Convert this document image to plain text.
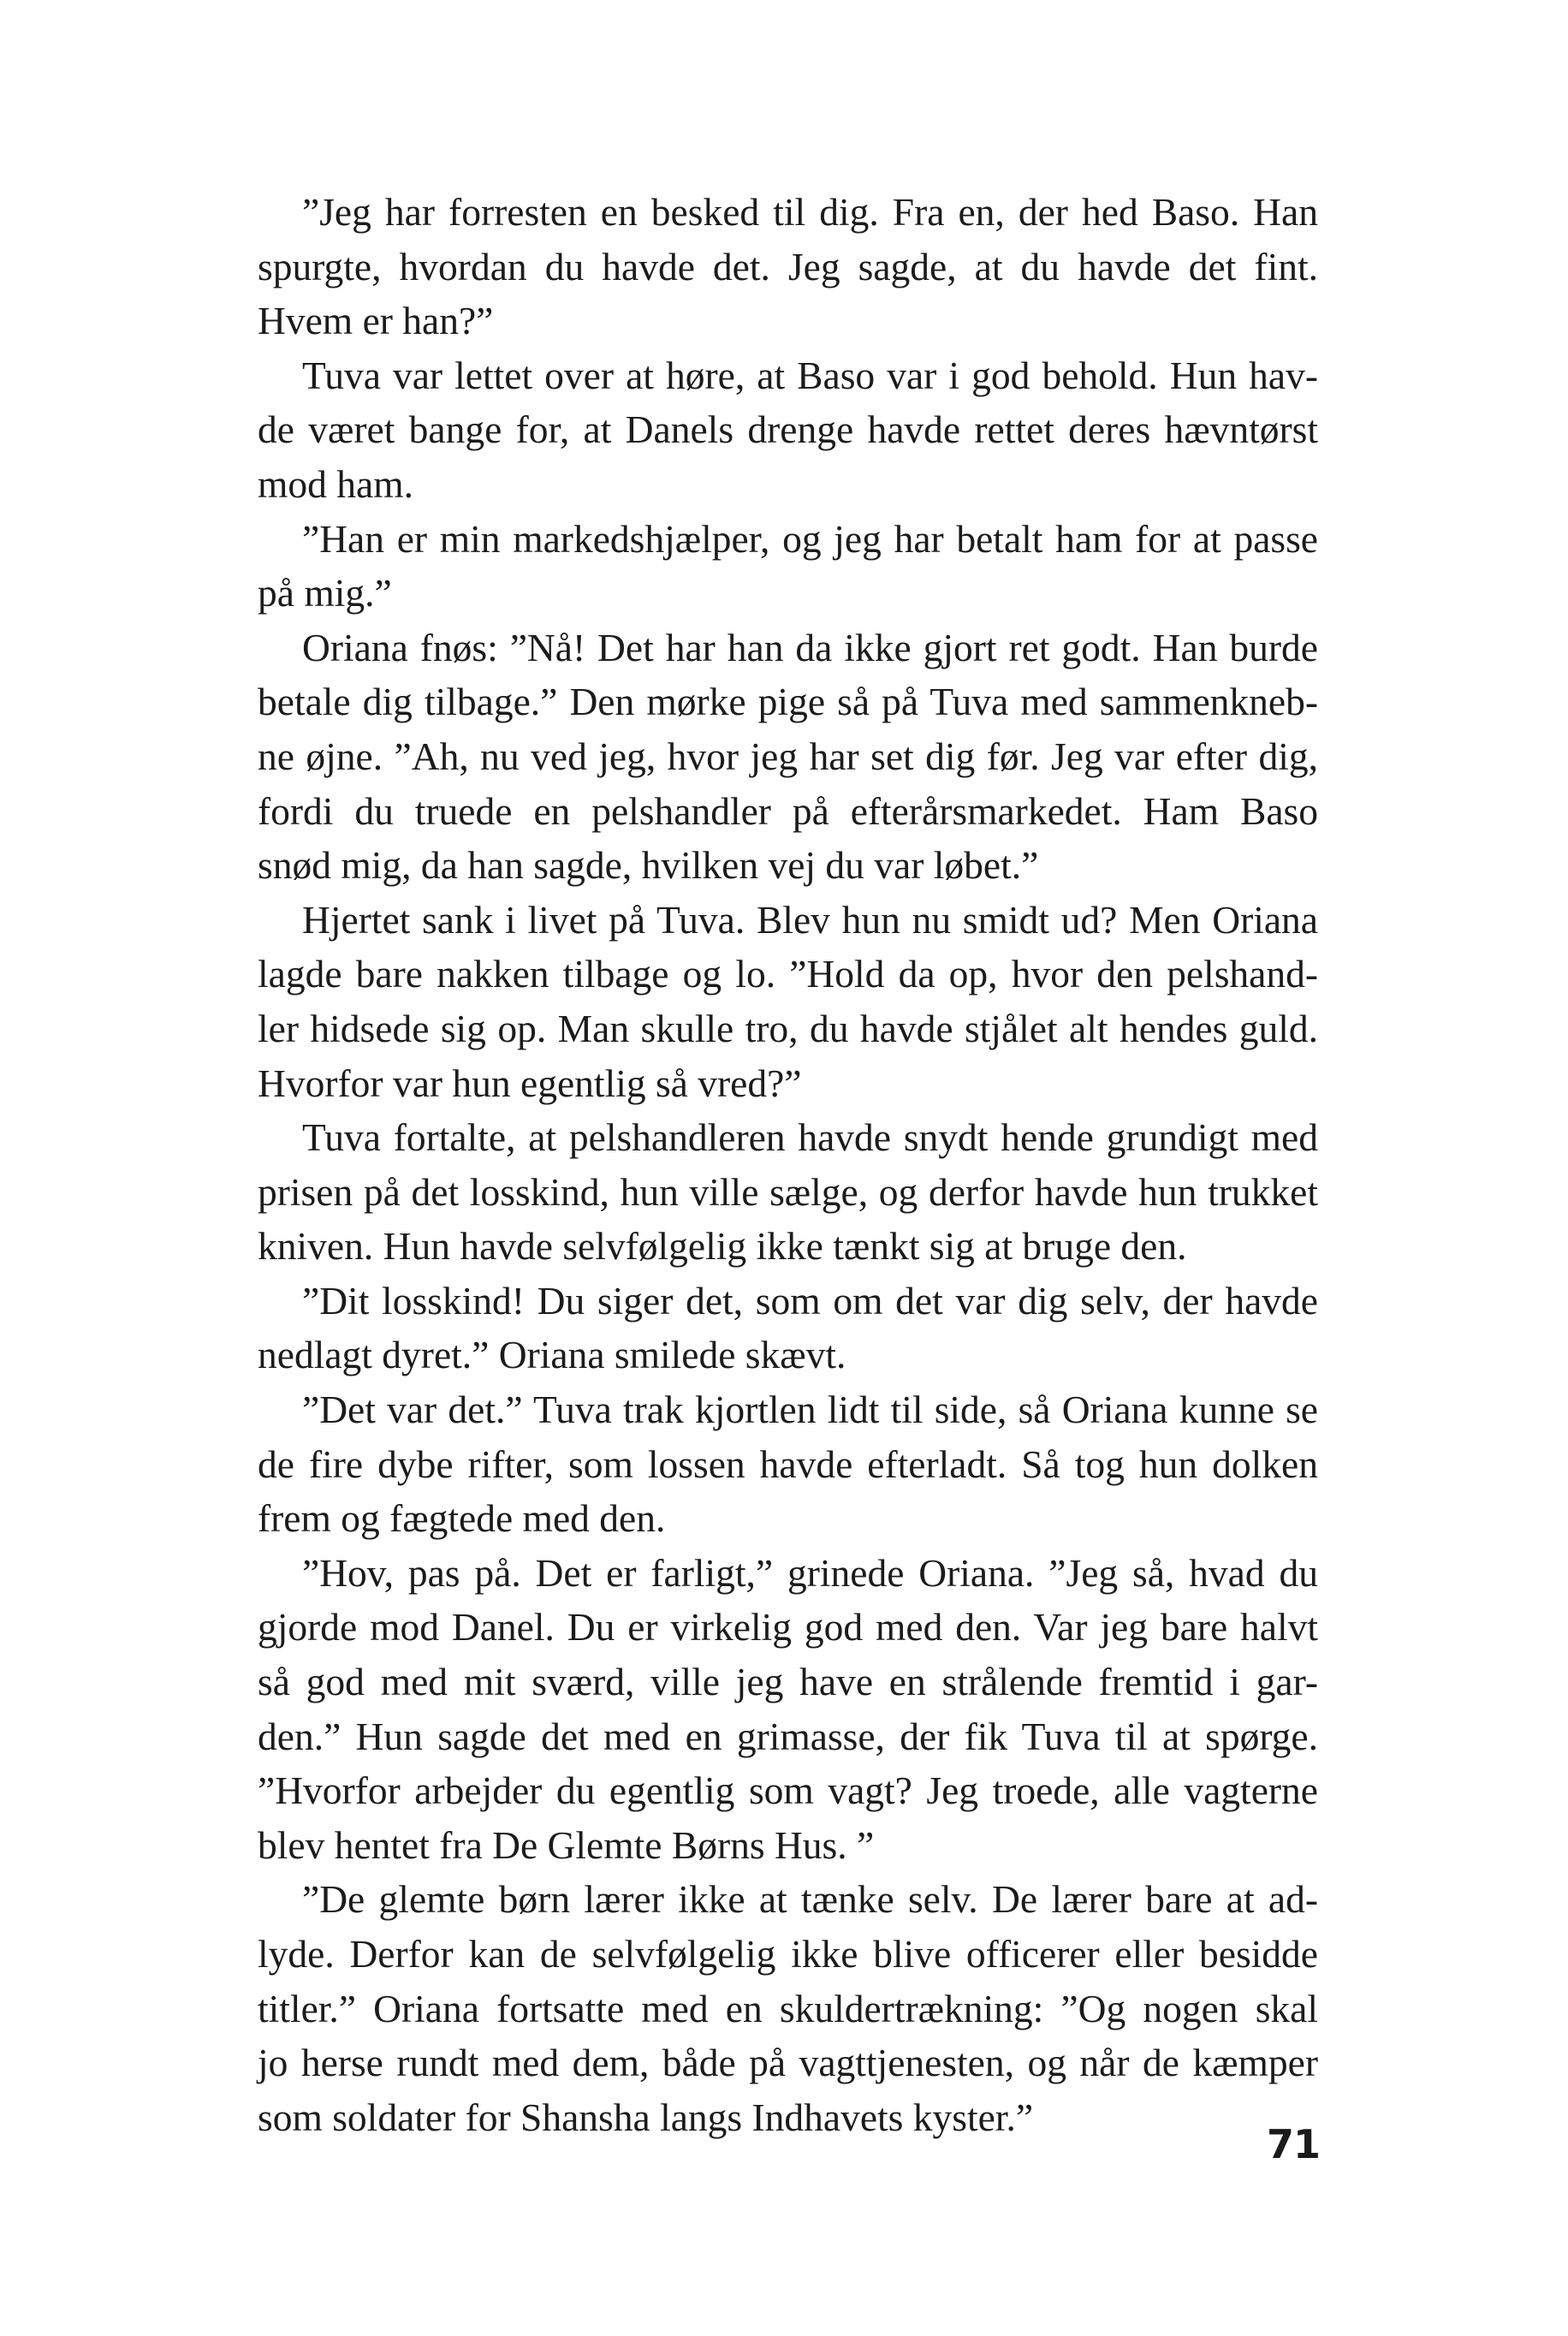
”Jeg har forresten en besked til dig. Fra en, der hed Baso. Han
spurgte, hvordan du havde det. Jeg sagde, at du havde det fint.
Hvem er han?”
Tuva var lettet over at høre, at Baso var i god behold. Hun hav-
de været bange for, at Danels drenge havde rettet deres hævntørst
mod ham.
”Han er min markedshjælper, og jeg har betalt ham for at passe
på mig.”
Oriana fnøs: ”Nå! Det har han da ikke gjort ret godt. Han burde
betale dig tilbage.” Den mørke pige så på Tuva med sammenkneb-
ne øjne. ”Ah, nu ved jeg, hvor jeg har set dig før. Jeg var efter dig,
fordi du truede en pelshandler på efterårsmarkedet. Ham Baso
snød mig, da han sagde, hvilken vej du var løbet.”
Hjertet sank i livet på Tuva. Blev hun nu smidt ud? Men Oriana
lagde bare nakken tilbage og lo. ”Hold da op, hvor den pelshand-
ler hidsede sig op. Man skulle tro, du havde stjålet alt hendes guld.
Hvorfor var hun egentlig så vred?”
Tuva fortalte, at pelshandleren havde snydt hende grundigt med
prisen på det losskind, hun ville sælge, og derfor havde hun trukket
kniven. Hun havde selvfølgelig ikke tænkt sig at bruge den.
”Dit losskind! Du siger det, som om det var dig selv, der havde
nedlagt dyret.” Oriana smilede skævt.
”Det var det.” Tuva trak kjortlen lidt til side, så Oriana kunne se
de fire dybe rifter, som lossen havde efterladt. Så tog hun dolken
frem og fægtede med den.
”Hov, pas på. Det er farligt,” grinede Oriana. ”Jeg så, hvad du
gjorde mod Danel. Du er virkelig god med den. Var jeg bare halvt
så god med mit sværd, ville jeg have en strålende fremtid i gar-
den.” Hun sagde det med en grimasse, der fik Tuva til at spørge.
”Hvorfor arbejder du egentlig som vagt? Jeg troede, alle vagterne
blev hentet fra De Glemte Børns Hus. ”
”De glemte børn lærer ikke at tænke selv. De lærer bare at ad-
lyde. Derfor kan de selvfølgelig ikke blive officerer eller besidde
titler.” Oriana fortsatte med en skuldertrækning: ”Og nogen skal
jo herse rundt med dem, både på vagttjenesten, og når de kæmper
som soldater for Shansha langs Indhavets kyster.”
71
